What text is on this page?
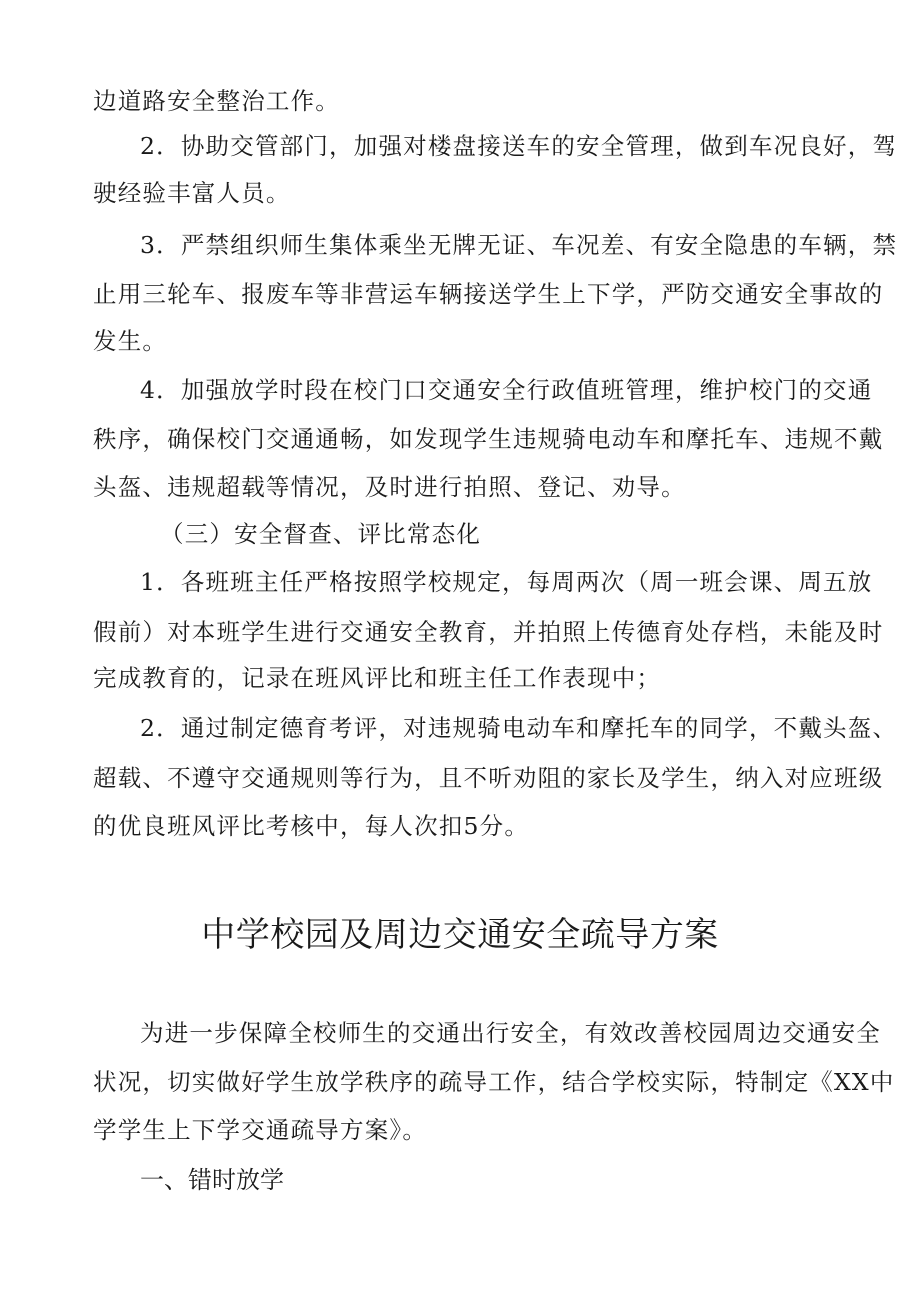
边道路安全整治工作。
2．协助交管部门，加强对楼盘接送车的安全管理，做到车况良好，驾
驶经验丰富人员。
3．严禁组织师生集体乘坐无牌无证、车况差、有安全隐患的车辆，禁
止用三轮车、报废车等非营运车辆接送学生上下学，严防交通安全事故的
发生。
4．加强放学时段在校门口交通安全行政值班管理，维护校门的交通
秩序，确保校门交通通畅，如发现学生违规骑电动车和摩托车、违规不戴
头盔、违规超载等情况，及时进行拍照、登记、劝导。
（三）安全督查、评比常态化
1．各班班主任严格按照学校规定，每周两次（周一班会课、周五放
假前）对本班学生进行交通安全教育，并拍照上传德育处存档，未能及时
完成教育的，记录在班风评比和班主任工作表现中；
2．通过制定德育考评，对违规骑电动车和摩托车的同学，不戴头盔、
超载、不遵守交通规则等行为，且不听劝阻的家长及学生，纳入对应班级
的优良班风评比考核中，每人次扣5分。
中学校园及周边交通安全疏导方案
为进一步保障全校师生的交通出行安全，有效改善校园周边交通安全
状况，切实做好学生放学秩序的疏导工作，结合学校实际，特制定《XX中
学学生上下学交通疏导方案》。
一、错时放学
